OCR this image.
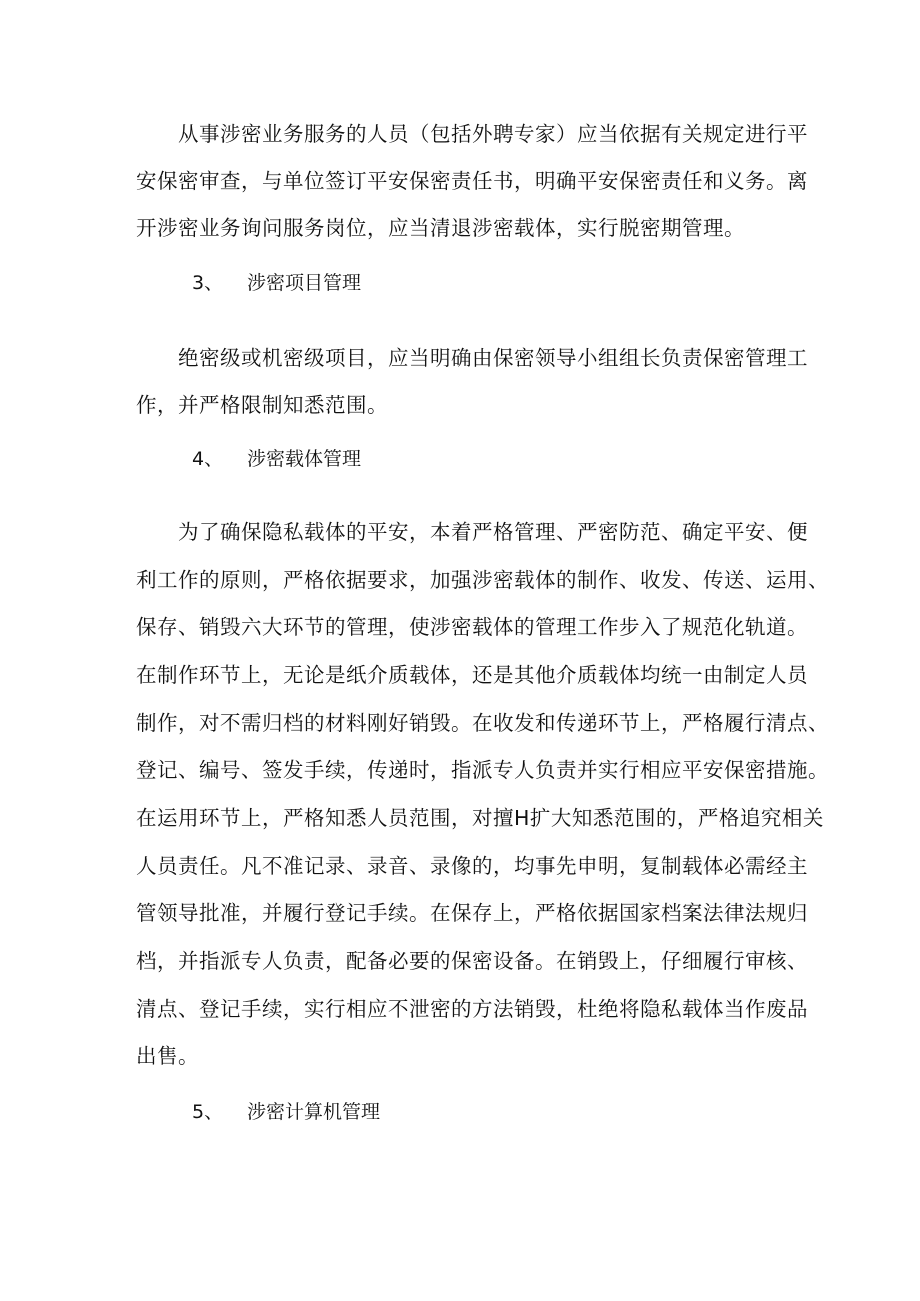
从事涉密业务服务的人员（包括外聘专家）应当依据有关规定进行平
安保密审查，与单位签订平安保密责任书，明确平安保密责任和义务。离
开涉密业务询问服务岗位，应当清退涉密载体，实行脱密期管理。
3、 涉密项目管理
绝密级或机密级项目，应当明确由保密领导小组组长负责保密管理工
作，并严格限制知悉范围。
4、 涉密载体管理
为了确保隐私载体的平安，本着严格管理、严密防范、确定平安、便
利工作的原则，严格依据要求，加强涉密载体的制作、收发、传送、运用、
保存、销毁六大环节的管理，使涉密载体的管理工作步入了规范化轨道。
在制作环节上，无论是纸介质载体，还是其他介质载体均统一由制定人员
制作，对不需归档的材料刚好销毁。在收发和传递环节上，严格履行清点、
登记、编号、签发手续，传递时，指派专人负责并实行相应平安保密措施。
在运用环节上，严格知悉人员范围，对擅H扩大知悉范围的，严格追究相关
人员责任。凡不准记录、录音、录像的，均事先申明，复制载体必需经主
管领导批准，并履行登记手续。在保存上，严格依据国家档案法律法规归
档，并指派专人负责，配备必要的保密设备。在销毁上，仔细履行审核、
清点、登记手续，实行相应不泄密的方法销毁，杜绝将隐私载体当作废品
出售。
5、 涉密计算机管理
